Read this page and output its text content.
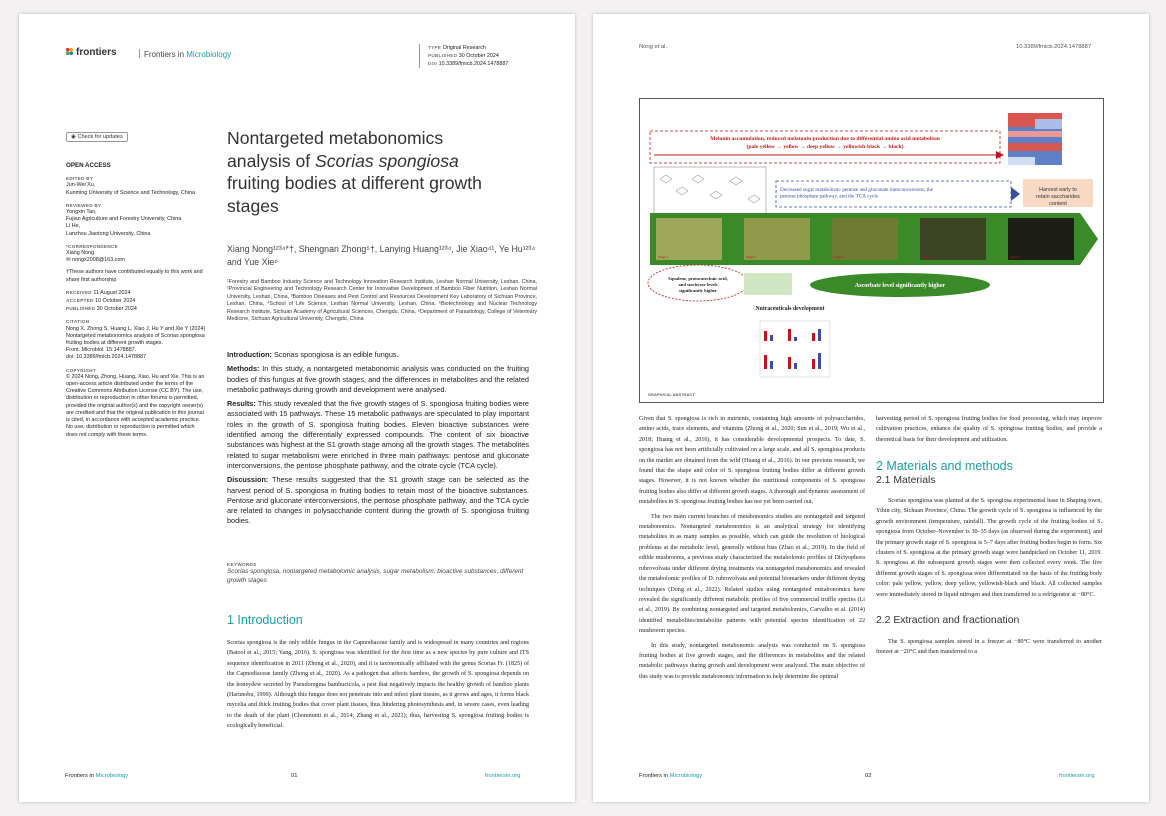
frontiers	Frontiers in Microbiology
TYPE Original Research
PUBLISHED 30 October 2024
DOI 10.3389/fmicb.2024.1478887
◉ Check for updates
OPEN ACCESS
EDITED BY
Jun-Wei Xu,
Kunming University of Science and Technology, China
REVIEWED BY
Yongxin Tao,
Fujian Agriculture and Forestry University, China
Li He,
Lanzhou Jiaotong University, China
*CORRESPONDENCE
Xiang Nong
✉ nongx2008@163.com
†These authors have contributed equally to this work and share first authorship
RECEIVED 11 August 2024
ACCEPTED 10 October 2024
PUBLISHED 30 October 2024
CITATION
Nong X, Zhong S, Huang L, Xiao J, Hu Y and Xie Y (2024) Nontargeted metabonomics analysis of Scorias spongiosa fruiting bodies at different growth stages.
Front. Microbiol. 15:1478887.
doi: 10.3389/fmicb.2024.1478887
COPYRIGHT
© 2024 Nong, Zhong, Huang, Xiao, Hu and Xie. This is an open-access article distributed under the terms of the Creative Commons Attribution License (CC BY). The use, distribution or reproduction in other forums is permitted, provided the original author(s) and the copyright owner(s) are credited and that the original publication in this journal is cited, in accordance with accepted academic practice. No use, distribution or reproduction is permitted which does not comply with these terms.
Nontargeted metabonomics
analysis of Scorias spongiosa
fruiting bodies at different growth
stages
Xiang Nong¹²³⁴*†, Shengnan Zhong⁵†, Lanying Huang¹²³⁴, Jie Xiao⁴¹, Ye Hu¹²³⁴ and Yue Xie⁶
¹Forestry and Bamboo Industry Science and Technology Innovation Research Institute, Leshan Normal University, Leshan, China, ²Provincial Engineering and Technology Research Center for Innovative Development of Bamboo Fiber Nutrition, Leshan Normal University, Leshan, China, ³Bamboo Diseases and Pest Control and Resources Development Key Laboratory of Sichuan Province, Leshan, China, ⁴School of Life Science, Leshan Normal University, Leshan, China, ⁵Biotechnology and Nuclear Technology Research Institute, Sichuan Academy of Agricultural Sciences, Chengdu, China, ⁶Department of Parasitology, College of Veterinary Medicine, Sichuan Agricultural University, Chengdu, China

Introduction: Scorias spongiosa is an edible fungus.

Methods: In this study, a nontargeted metabonomic analysis was conducted on the fruiting bodies of this fungus at five growth stages, and the differences in metabolites and the related metabolic pathways during growth and development were analysed.

Results: This study revealed that the five growth stages of S. spongiosa fruiting bodies were associated with 15 pathways. These 15 metabolic pathways are speculated to play important roles in the growth of S. spongiosa fruiting bodies. Eleven bioactive substances were identified among the differentially expressed compounds. The content of six bioactive substances was highest at the S1 growth stage among all the growth stages. The metabolites related to sugar metabolism were enriched in three main pathways: pentose and gluconate interconversions, the pentose phosphate pathway, and the citrate cycle (TCA cycle).

Discussion: These results suggested that the S1 growth stage can be selected as the harvest period of S. spongiosa in fruiting bodies to retain most of the bioactive substances. Pentose and gluconate interconversions, the pentose phosphate pathway, and the TCA cycle are related to changes in polysaccharide content during the growth of S. spongiosa fruiting bodies.

KEYWORDS
Scorias spongiosa, nontargeted metabolomic analysis, sugar metabolism, bioactive substances, different growth stages
1 Introduction
Scorias spongiosa is the only edible fungus in the Capnodiaceae family and is widespread in many countries and regions (Batool et al., 2015; Yang, 2016). S. spongiosa was identified for the first time as a new species by pure culture and ITS sequence identification in 2011 (Zhong et al., 2020), and it is taxonomically affiliated with the genus Scorias Fr. (1825) of the Capnodiaceae family (Zhong et al., 2020). As a pathogen that affects bamboo, the growth of S. spongiosa depends on the honeydew secreted by Pseudoregma bambucicola, a pest that negatively impacts the healthy growth of bamboo plants (Harunobu, 1999). Although this fungus does not penetrate into and infect plant tissues, as it grows and ages, it forms black mycelia and thick fruiting bodies that cover plant tissues, thus hindering photosynthesis and, in severe cases, even leading to the death of the plant (Chomnunti et al., 2014; Zhang et al., 2021); thus, harvesting S. spongiosa fruiting bodies is ecologically beneficial.
Frontiers in Microbiology	01	frontiersin.org
Nong et al.	10.3389/fmicb.2024.1478887
Melanin accumulation, reduced melatonin production due to differential amino acid metabolism
(pale yellow → yellow → deep yellow → yellowish-black → black)
Decreased sugar metabolism: pentose and gluconate interconversions, the pentose phosphate pathway, and the TCA cycle
Harvest early to retain saccharides content
Stage 1	Stage 2	Stage 3	Stage 4	Stage 5
Squalene, protocatechuic acid, and stachyose levels significantly higher
Ascorbate level significantly higher
Nutraceuticals development
GRAPHICAL ABSTRACT
Given that S. spongiosa is rich in nutrients, containing high amounts of polysaccharides, amino acids, trace elements, and vitamins (Zhong et al., 2020; Sun et al., 2019; Wu et al., 2018; Huang et al., 2016), it has considerable developmental prospects. To date, S. spongiosa has not been artificially cultivated on a large scale, and all S. spongiosa products on the market are obtained from the wild (Huang et al., 2016). In our previous research, we found that the shape and color of S. spongiosa fruiting bodies differ at different growth stages. However, it is not known whether the nutritional components of S. spongiosa fruiting bodies also differ at different growth stages. A thorough and dynamic assessment of metabolites in S. spongiosa fruiting bodies has not yet been carried out.
The two main current branches of metabonomics studies are nontargeted and targeted metabonomics. Nontargeted metabonomics is an analytical strategy for identifying metabolites in as many samples as possible, which can guide the resolution of biological problems at the metabolic level, generally without bias (Zhao et al., 2019). In the field of edible mushrooms, a previous study characterized the metabolomic profiles of Dictyophora rubrovolvata under different drying treatments via nontargeted metabonomics and revealed the metabolomic profiles of D. rubrovolvata and potential biomarkers under different drying techniques (Dong et al., 2022). Related studies using nontargeted metabonomics have revealed the significantly different metabolic profiles of five commercial truffle species (Li et al., 2019). By combining nontargeted and targeted metabolomics, Carvalho et al. (2014) identified metabolites/metabolite patterns with potential species identification of 22 mushroom species.
In this study, nontargeted metabonomic analysis was conducted on S. spongiosa fruiting bodies at five growth stages, and the differences in metabolites and the related metabolic pathways during growth and development were analyzed. The main objective of this study was to provide metabonomic information to help determine the optimal
harvesting period of S. spongiosa fruiting bodies for food processing, which may improve cultivation practices, enhance the quality of S. spongiosa fruiting bodies, and provide a theoretical basis for their development and utilization.
2 Materials and methods
2.1 Materials
Scorias spongiosa was planted at the S. spongiosa experimental base in Shaping town, Yibin city, Sichuan Province, China. The growth cycle of S. spongiosa is influenced by the growth environment (temperature, rainfall). The growth cycle of the fruiting bodies of S. spongiosa from October–November is 30–35 days (as observed during the experiment), and the primary growth stage of S. spongiosa is 5–7 days after fruiting bodies begin to form. Six clusters of S. spongiosa at the primary growth stage were handpicked on October 11, 2019. S. spongiosa at the subsequent growth stages were then collected every week. The five different growth stages of S. spongiosa were differentiated on the basis of the fruiting body color: pale yellow, yellow, deep yellow, yellowish-black and black. All collected samples were immediately stored in liquid nitrogen and then transferred to a refrigerator at −80°C.
2.2 Extraction and fractionation
The S. spongiosa samples stored in a freezer at −80°C were transferred to another freezer at −20°C and then transferred to a
Frontiers in Microbiology	02	frontiersin.org
